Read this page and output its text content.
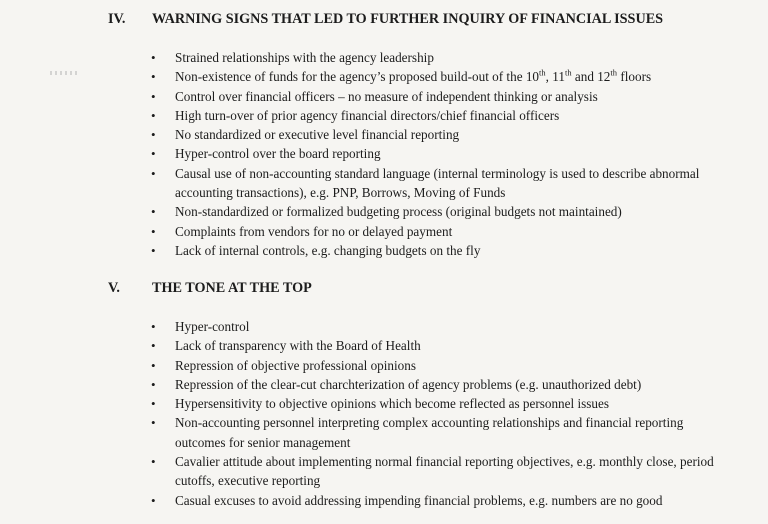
IV. WARNING SIGNS THAT LED TO FURTHER INQUIRY OF FINANCIAL ISSUES
• Strained relationships with the agency leadership
• Non-existence of funds for the agency’s proposed build-out of the 10th, 11th and 12th floors
• Control over financial officers – no measure of independent thinking or analysis
• High turn-over of prior agency financial directors/chief financial officers
• No standardized or executive level financial reporting
• Hyper-control over the board reporting
• Causal use of non-accounting standard language (internal terminology is used to describe abnormal accounting transactions), e.g. PNP, Borrows, Moving of Funds
• Non-standardized or formalized budgeting process (original budgets not maintained)
• Complaints from vendors for no or delayed payment
• Lack of internal controls, e.g. changing budgets on the fly
V. THE TONE AT THE TOP
• Hyper-control
• Lack of transparency with the Board of Health
• Repression of objective professional opinions
• Repression of the clear-cut charchterization of agency problems (e.g. unauthorized debt)
• Hypersensitivity to objective opinions which become reflected as personnel issues
• Non-accounting personnel interpreting complex accounting relationships and financial reporting outcomes for senior management
• Cavalier attitude about implementing normal financial reporting objectives, e.g. monthly close, period cutoffs, executive reporting
• Casual excuses to avoid addressing impending financial problems, e.g. numbers are no good
